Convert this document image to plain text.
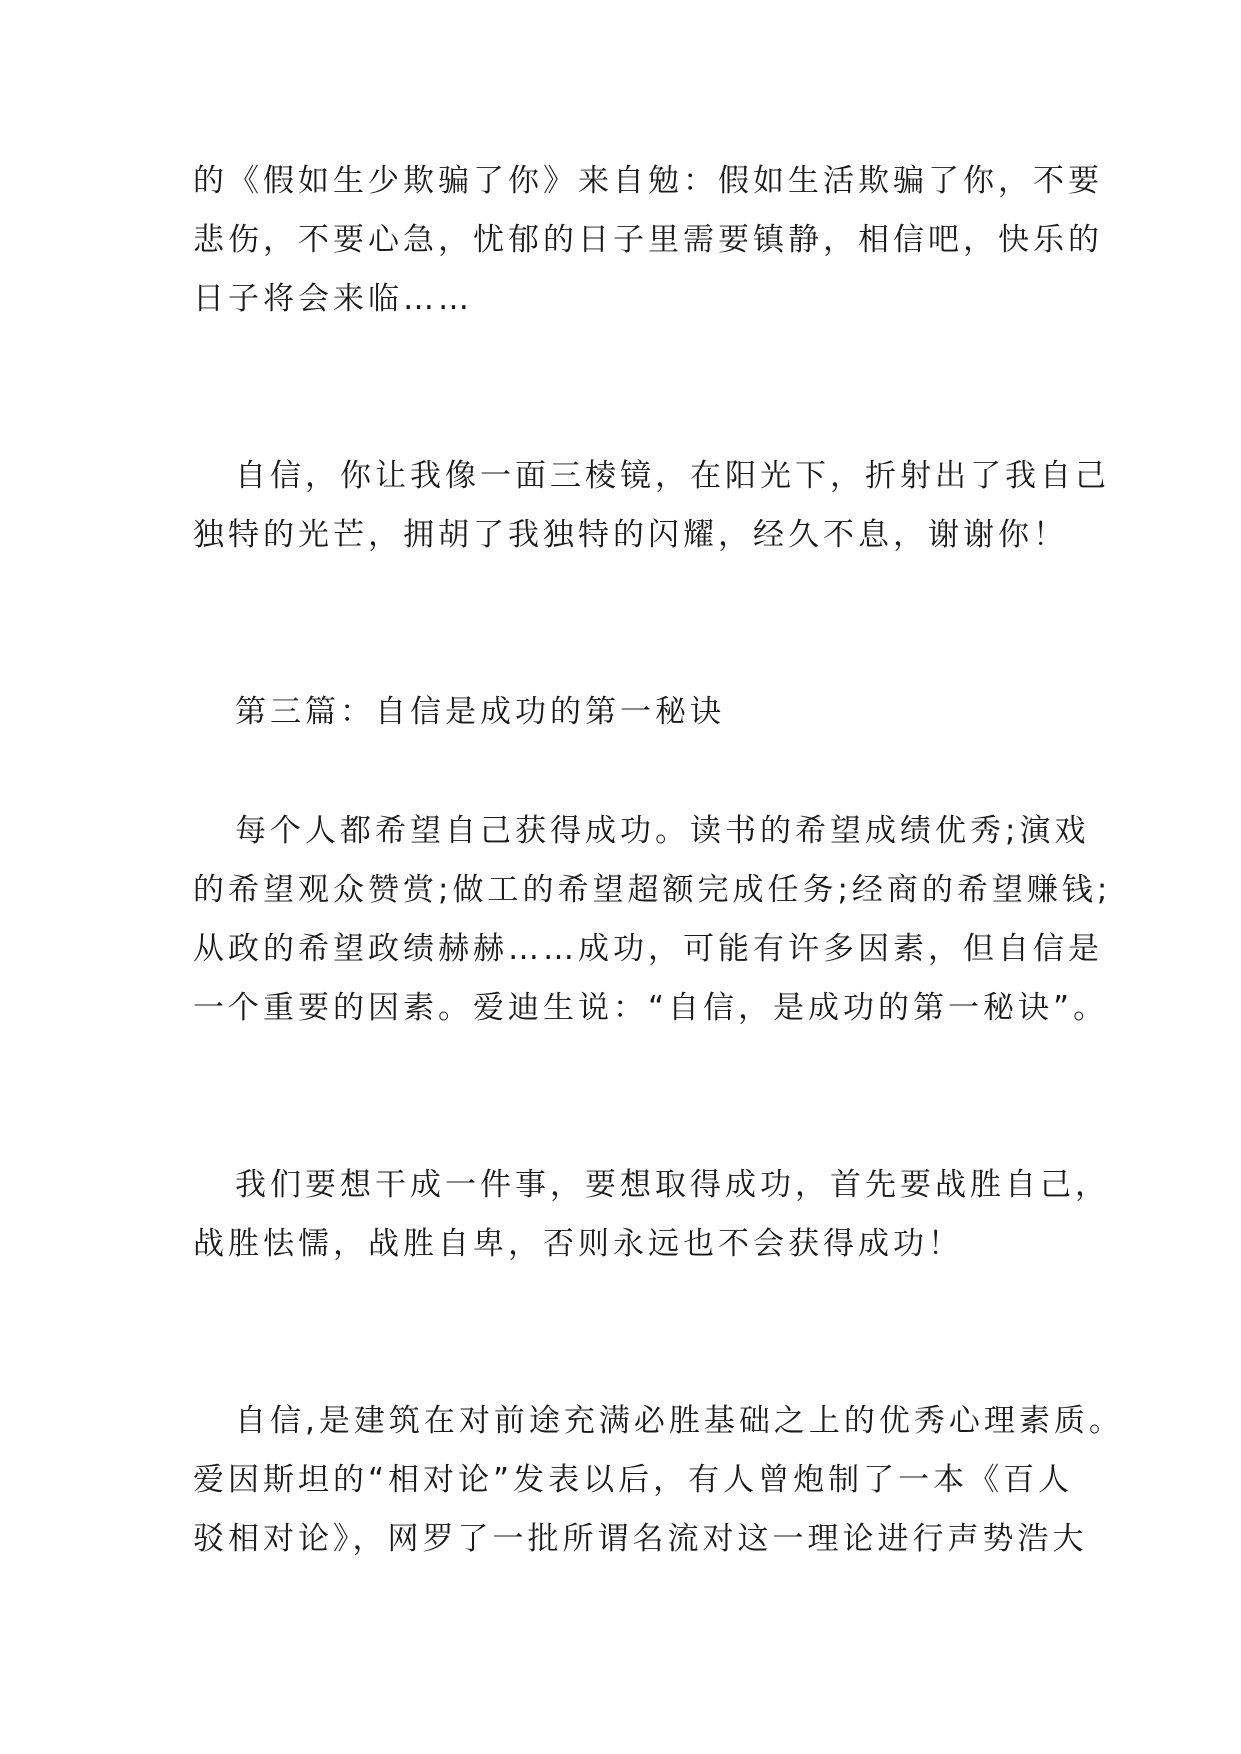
的《假如生少欺骗了你》来自勉：假如生活欺骗了你，不要
悲伤，不要心急，忧郁的日子里需要镇静，相信吧，快乐的
日子将会来临……
自信，你让我像一面三棱镜，在阳光下，折射出了我自己
独特的光芒，拥胡了我独特的闪耀，经久不息，谢谢你！
第三篇：自信是成功的第一秘诀
每个人都希望自己获得成功。读书的希望成绩优秀;演戏
的希望观众赞赏;做工的希望超额完成任务;经商的希望赚钱;
从政的希望政绩赫赫……成功，可能有许多因素，但自信是
一个重要的因素。爱迪生说：“自信，是成功的第一秘诀”。
我们要想干成一件事，要想取得成功，首先要战胜自己，
战胜怯懦，战胜自卑，否则永远也不会获得成功！
自信,是建筑在对前途充满必胜基础之上的优秀心理素质。
爱因斯坦的“相对论”发表以后，有人曾炮制了一本《百人
驳相对论》，网罗了一批所谓名流对这一理论进行声势浩大
